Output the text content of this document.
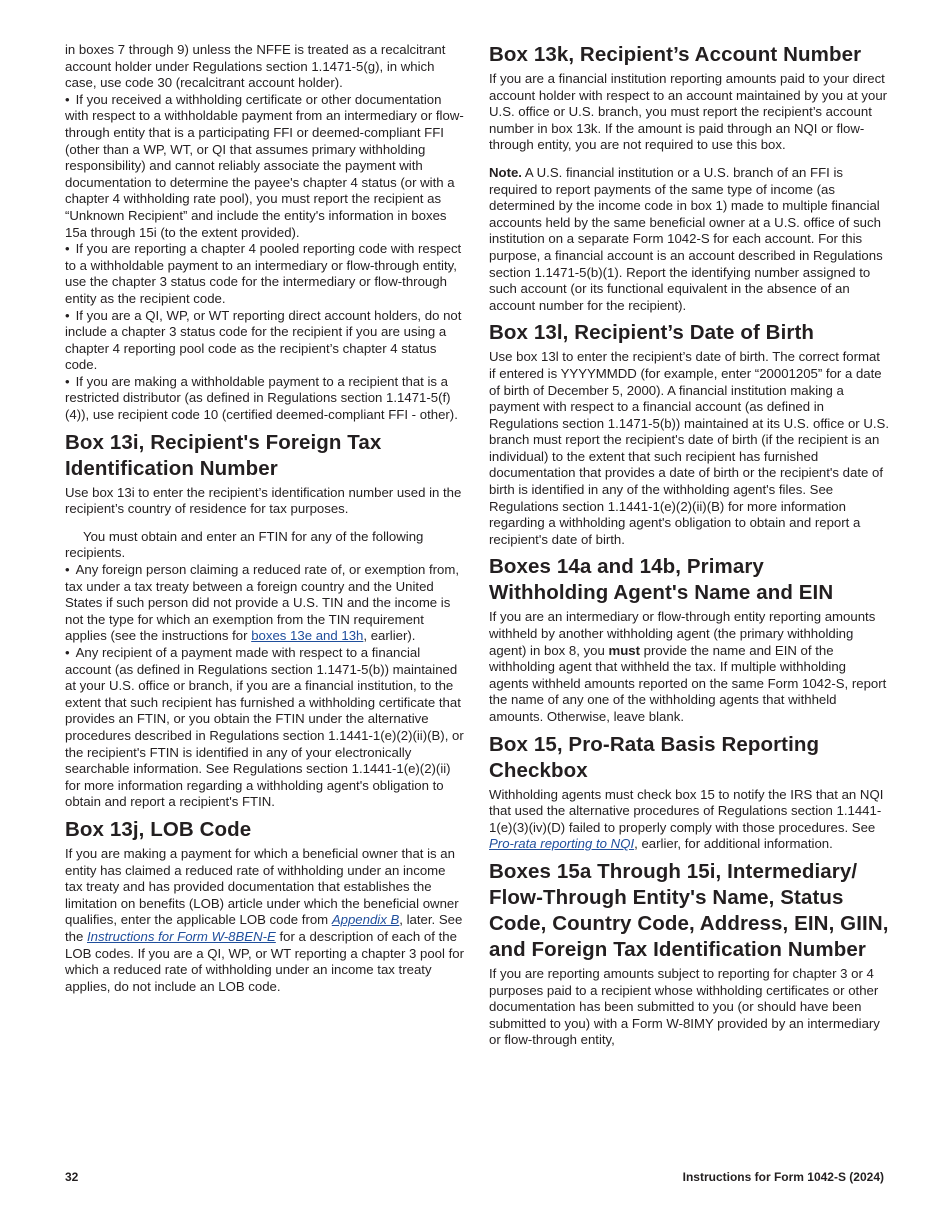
in boxes 7 through 9) unless the NFFE is treated as a recalcitrant account holder under Regulations section 1.1471-5(g), in which case, use code 30 (recalcitrant account holder).

• If you received a withholding certificate or other documentation with respect to a withholdable payment from an intermediary or flow-through entity that is a participating FFI or deemed-compliant FFI (other than a WP, WT, or QI that assumes primary withholding responsibility) and cannot reliably associate the payment with documentation to determine the payee's chapter 4 status (or with a chapter 4 withholding rate pool), you must report the recipient as “Unknown Recipient” and include the entity's information in boxes 15a through 15i (to the extent provided).

• If you are reporting a chapter 4 pooled reporting code with respect to a withholdable payment to an intermediary or flow-through entity, use the chapter 3 status code for the intermediary or flow-through entity as the recipient code.

• If you are a QI, WP, or WT reporting direct account holders, do not include a chapter 3 status code for the recipient if you are using a chapter 4 reporting pool code as the recipient’s chapter 4 status code.

• If you are making a withholdable payment to a recipient that is a restricted distributor (as defined in Regulations section 1.1471-5(f)(4)), use recipient code 10 (certified deemed-compliant FFI - other).

Box 13i, Recipient's Foreign Tax Identification Number

Use box 13i to enter the recipient’s identification number used in the recipient’s country of residence for tax purposes.

You must obtain and enter an FTIN for any of the following recipients.

• Any foreign person claiming a reduced rate of, or exemption from, tax under a tax treaty between a foreign country and the United States if such person did not provide a U.S. TIN and the income is not the type for which an exemption from the TIN requirement applies (see the instructions for boxes 13e and 13h, earlier).

• Any recipient of a payment made with respect to a financial account (as defined in Regulations section 1.1471-5(b)) maintained at your U.S. office or branch, if you are a financial institution, to the extent that such recipient has furnished a withholding certificate that provides an FTIN, or you obtain the FTIN under the alternative procedures described in Regulations section 1.1441-1(e)(2)(ii)(B), or the recipient's FTIN is identified in any of your electronically searchable information. See Regulations section 1.1441-1(e)(2)(ii) for more information regarding a withholding agent's obligation to obtain and report a recipient's FTIN.

Box 13j, LOB Code

If you are making a payment for which a beneficial owner that is an entity has claimed a reduced rate of withholding under an income tax treaty and has provided documentation that establishes the limitation on benefits (LOB) article under which the beneficial owner qualifies, enter the applicable LOB code from Appendix B, later. See the Instructions for Form W-8BEN-E for a description of each of the LOB codes. If you are a QI, WP, or WT reporting a chapter 3 pool for which a reduced rate of withholding under an income tax treaty applies, do not include an LOB code.

Box 13k, Recipient’s Account Number

If you are a financial institution reporting amounts paid to your direct account holder with respect to an account maintained by you at your U.S. office or U.S. branch, you must report the recipient’s account number in box 13k. If the amount is paid through an NQI or flow-through entity, you are not required to use this box.

Note. A U.S. financial institution or a U.S. branch of an FFI is required to report payments of the same type of income (as determined by the income code in box 1) made to multiple financial accounts held by the same beneficial owner at a U.S. office of such institution on a separate Form 1042-S for each account. For this purpose, a financial account is an account described in Regulations section 1.1471-5(b)(1). Report the identifying number assigned to such account (or its functional equivalent in the absence of an account number for the recipient).

Box 13l, Recipient’s Date of Birth

Use box 13l to enter the recipient’s date of birth. The correct format if entered is YYYYMMDD (for example, enter “20001205” for a date of birth of December 5, 2000). A financial institution making a payment with respect to a financial account (as defined in Regulations section 1.1471-5(b)) maintained at its U.S. office or U.S. branch must report the recipient's date of birth (if the recipient is an individual) to the extent that such recipient has furnished documentation that provides a date of birth or the recipient's date of birth is identified in any of the withholding agent's files. See Regulations section 1.1441-1(e)(2)(ii)(B) for more information regarding a withholding agent's obligation to obtain and report a recipient's date of birth.

Boxes 14a and 14b, Primary Withholding Agent's Name and EIN

If you are an intermediary or flow-through entity reporting amounts withheld by another withholding agent (the primary withholding agent) in box 8, you must provide the name and EIN of the withholding agent that withheld the tax. If multiple withholding agents withheld amounts reported on the same Form 1042-S, report the name of any one of the withholding agents that withheld amounts. Otherwise, leave blank.

Box 15, Pro-Rata Basis Reporting Checkbox

Withholding agents must check box 15 to notify the IRS that an NQI that used the alternative procedures of Regulations section 1.1441-1(e)(3)(iv)(D) failed to properly comply with those procedures. See Pro-rata reporting to NQI, earlier, for additional information.

Boxes 15a Through 15i, Intermediary/ Flow-Through Entity's Name, Status Code, Country Code, Address, EIN, GIIN, and Foreign Tax Identification Number

If you are reporting amounts subject to reporting for chapter 3 or 4 purposes paid to a recipient whose withholding certificates or other documentation has been submitted to you (or should have been submitted to you) with a Form W-8IMY provided by an intermediary or flow-through entity,

32	Instructions for Form 1042-S (2024)
